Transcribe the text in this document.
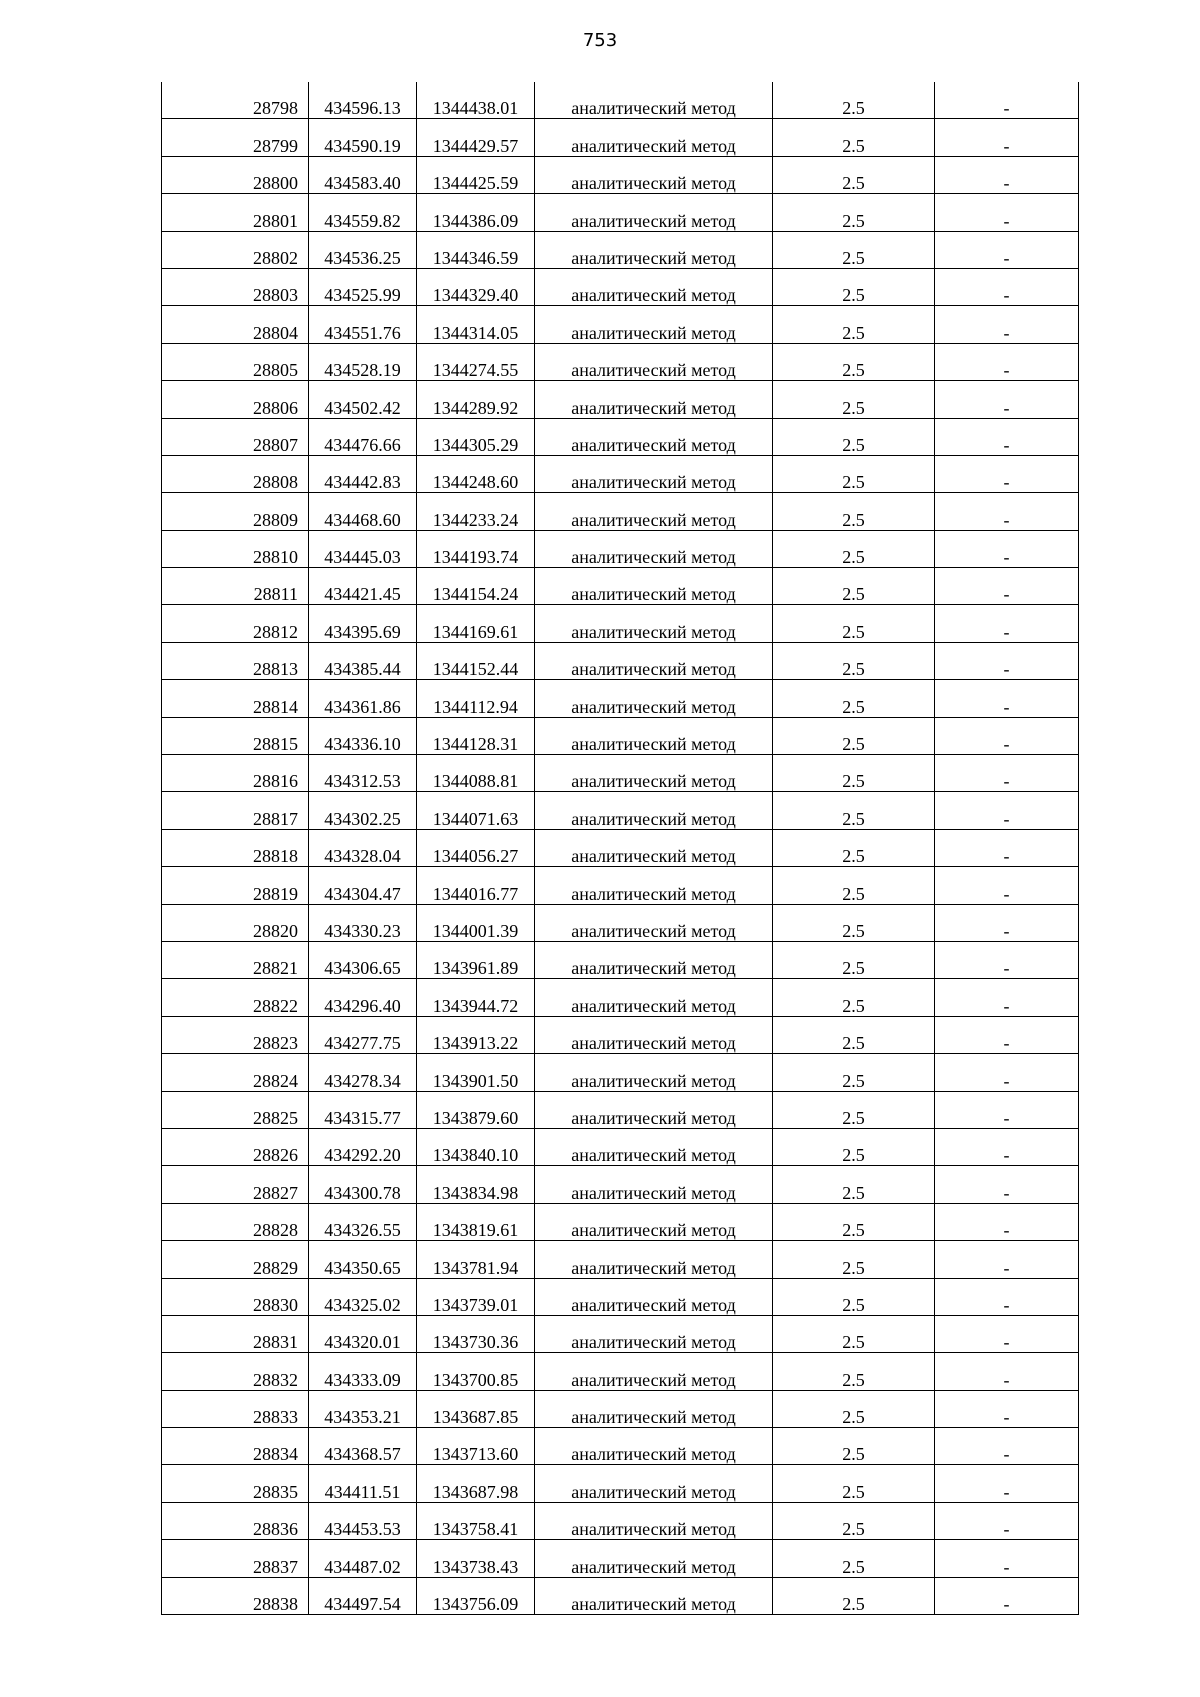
753
28798	434596.13	1344438.01	аналитический метод	2.5	-
28799	434590.19	1344429.57	аналитический метод	2.5	-
28800	434583.40	1344425.59	аналитический метод	2.5	-
28801	434559.82	1344386.09	аналитический метод	2.5	-
28802	434536.25	1344346.59	аналитический метод	2.5	-
28803	434525.99	1344329.40	аналитический метод	2.5	-
28804	434551.76	1344314.05	аналитический метод	2.5	-
28805	434528.19	1344274.55	аналитический метод	2.5	-
28806	434502.42	1344289.92	аналитический метод	2.5	-
28807	434476.66	1344305.29	аналитический метод	2.5	-
28808	434442.83	1344248.60	аналитический метод	2.5	-
28809	434468.60	1344233.24	аналитический метод	2.5	-
28810	434445.03	1344193.74	аналитический метод	2.5	-
28811	434421.45	1344154.24	аналитический метод	2.5	-
28812	434395.69	1344169.61	аналитический метод	2.5	-
28813	434385.44	1344152.44	аналитический метод	2.5	-
28814	434361.86	1344112.94	аналитический метод	2.5	-
28815	434336.10	1344128.31	аналитический метод	2.5	-
28816	434312.53	1344088.81	аналитический метод	2.5	-
28817	434302.25	1344071.63	аналитический метод	2.5	-
28818	434328.04	1344056.27	аналитический метод	2.5	-
28819	434304.47	1344016.77	аналитический метод	2.5	-
28820	434330.23	1344001.39	аналитический метод	2.5	-
28821	434306.65	1343961.89	аналитический метод	2.5	-
28822	434296.40	1343944.72	аналитический метод	2.5	-
28823	434277.75	1343913.22	аналитический метод	2.5	-
28824	434278.34	1343901.50	аналитический метод	2.5	-
28825	434315.77	1343879.60	аналитический метод	2.5	-
28826	434292.20	1343840.10	аналитический метод	2.5	-
28827	434300.78	1343834.98	аналитический метод	2.5	-
28828	434326.55	1343819.61	аналитический метод	2.5	-
28829	434350.65	1343781.94	аналитический метод	2.5	-
28830	434325.02	1343739.01	аналитический метод	2.5	-
28831	434320.01	1343730.36	аналитический метод	2.5	-
28832	434333.09	1343700.85	аналитический метод	2.5	-
28833	434353.21	1343687.85	аналитический метод	2.5	-
28834	434368.57	1343713.60	аналитический метод	2.5	-
28835	434411.51	1343687.98	аналитический метод	2.5	-
28836	434453.53	1343758.41	аналитический метод	2.5	-
28837	434487.02	1343738.43	аналитический метод	2.5	-
28838	434497.54	1343756.09	аналитический метод	2.5	-
